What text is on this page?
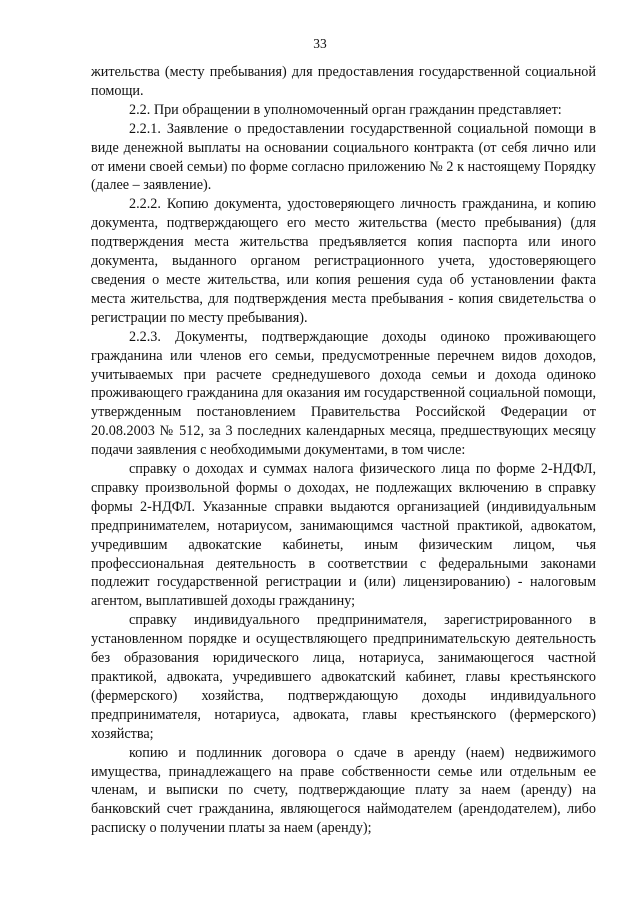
33

жительства (месту пребывания) для предоставления государственной социальной помощи.

2.2. При обращении в уполномоченный орган гражданин представляет:

2.2.1. Заявление о предоставлении государственной социальной помощи в виде денежной выплаты на основании социального контракта (от себя лично или от имени своей семьи) по форме согласно приложению № 2 к настоящему Порядку (далее – заявление).

2.2.2. Копию документа, удостоверяющего личность гражданина, и копию документа, подтверждающего его место жительства (место пребывания) (для подтверждения места жительства предъявляется копия паспорта или иного документа, выданного органом регистрационного учета, удостоверяющего сведения о месте жительства, или копия решения суда об установлении факта места жительства, для подтверждения места пребывания - копия свидетельства о регистрации по месту пребывания).

2.2.3. Документы, подтверждающие доходы одиноко проживающего гражданина или членов его семьи, предусмотренные перечнем видов доходов, учитываемых при расчете среднедушевого дохода семьи и дохода одиноко проживающего гражданина для оказания им государственной социальной помощи, утвержденным постановлением Правительства Российской Федерации от 20.08.2003 № 512, за 3 последних календарных месяца, предшествующих месяцу подачи заявления с необходимыми документами, в том числе:

справку о доходах и суммах налога физического лица по форме 2-НДФЛ, справку произвольной формы о доходах, не подлежащих включению в справку формы 2-НДФЛ. Указанные справки выдаются организацией (индивидуальным предпринимателем, нотариусом, занимающимся частной практикой, адвокатом, учредившим адвокатские кабинеты, иным физическим лицом, чья профессиональная деятельность в соответствии с федеральными законами подлежит государственной регистрации и (или) лицензированию) - налоговым агентом, выплатившей доходы гражданину;

справку индивидуального предпринимателя, зарегистрированного в установленном порядке и осуществляющего предпринимательскую деятельность без образования юридического лица, нотариуса, занимающегося частной практикой, адвоката, учредившего адвокатский кабинет, главы крестьянского (фермерского) хозяйства, подтверждающую доходы индивидуального предпринимателя, нотариуса, адвоката, главы крестьянского (фермерского) хозяйства;

копию и подлинник договора о сдаче в аренду (наем) недвижимого имущества, принадлежащего на праве собственности семье или отдельным ее членам, и выписки по счету, подтверждающие плату за наем (аренду) на банковский счет гражданина, являющегося наймодателем (арендодателем), либо расписку о получении платы за наем (аренду);
